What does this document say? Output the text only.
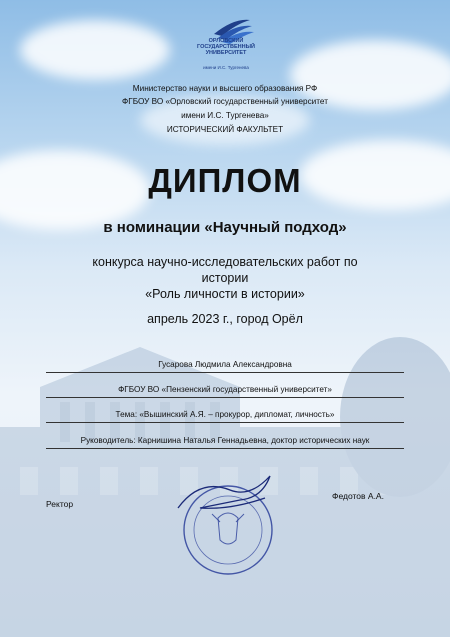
ОРЛОВСКИЙ
ГОСУДАРСТВЕННЫЙ
УНИВЕРСИТЕТ
имени И.С. Тургенева
Министерство науки и высшего образования РФ
ФГБОУ ВО «Орловский государственный университет
имени И.С. Тургенева»
ИСТОРИЧЕСКИЙ ФАКУЛЬТЕТ
ДИПЛОМ
в номинации «Научный подход»
конкурса научно-исследовательских работ по
истории
«Роль личности в истории»
апрель 2023 г., город Орёл
Гусарова Людмила Александровна
ФГБОУ ВО «Пензенский государственный университет»
Тема: «Вышинский А.Я. – прокурор, дипломат, личность»
Руководитель: Карнишина Наталья Геннадьевна, доктор исторических наук
Ректор
Федотов А.А.
